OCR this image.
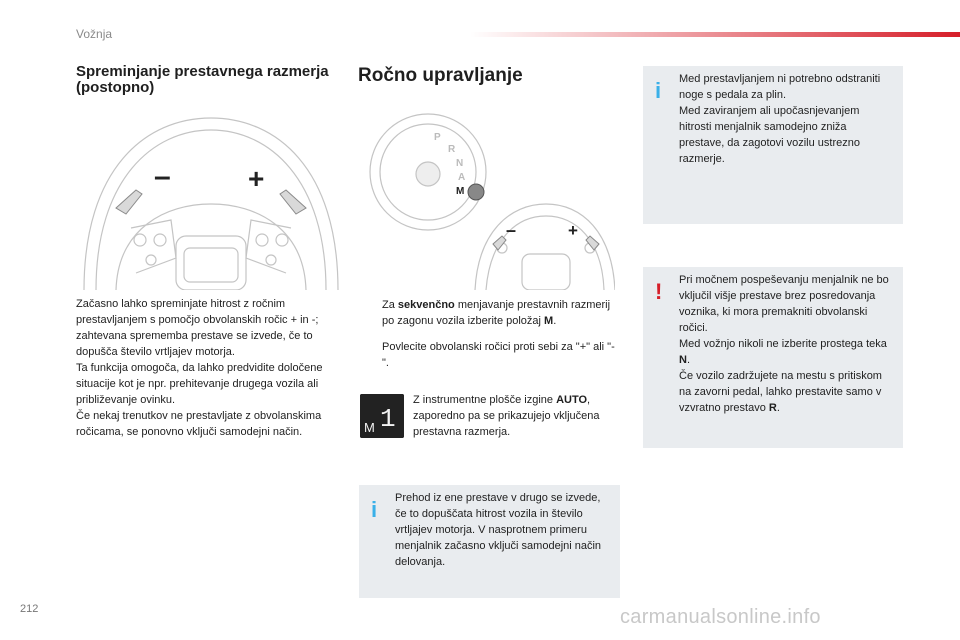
Vožnja
Spreminjanje prestavnega razmerja (postopno)
–	+

Začasno lahko spreminjate hitrost z ročnim prestavljanjem s pomočjo obvolanskih ročic + in -; zahtevana sprememba prestave se izvede, če to dopušča število vrtljajev motorja.

Ta funkcija omogoča, da lahko predvidite določene situacije kot je npr. prehitevanje drugega vozila ali približevanje ovinku.

Če nekaj trenutkov ne prestavljate z obvolanskima ročicama, se ponovno vključi samodejni način.

Ročno upravljanje
P
R
N
A
M
–	+
Za sekvenčno menjavanje prestavnih razmerij po zagonu vozila izberite položaj M.
Povlecite obvolanski ročici proti sebi za "+" ali "-".
M 1
Z instrumentne plošče izgine AUTO, zaporedno pa se prikazujejo vključena prestavna razmerja.
i Prehod iz ene prestave v drugo se izvede, če to dopuščata hitrost vozila in število vrtljajev motorja. V nasprotnem primeru menjalnik začasno vključi samodejni način delovanja.
i Med prestavljanjem ni potrebno odstraniti noge s pedala za plin.

Med zaviranjem ali upočasnjevanjem hitrosti menjalnik samodejno zniža prestave, da zagotovi vozilu ustrezno razmerje.

! Pri močnem pospeševanju menjalnik ne bo vključil višje prestave brez posredovanja voznika, ki mora premakniti obvolanski ročici.

Med vožnjo nikoli ne izberite prostega teka N.

Če vozilo zadržujete na mestu s pritiskom na zavorni pedal, lahko prestavite samo v vzvratno prestavo R.

212	carmanualsonline.info
